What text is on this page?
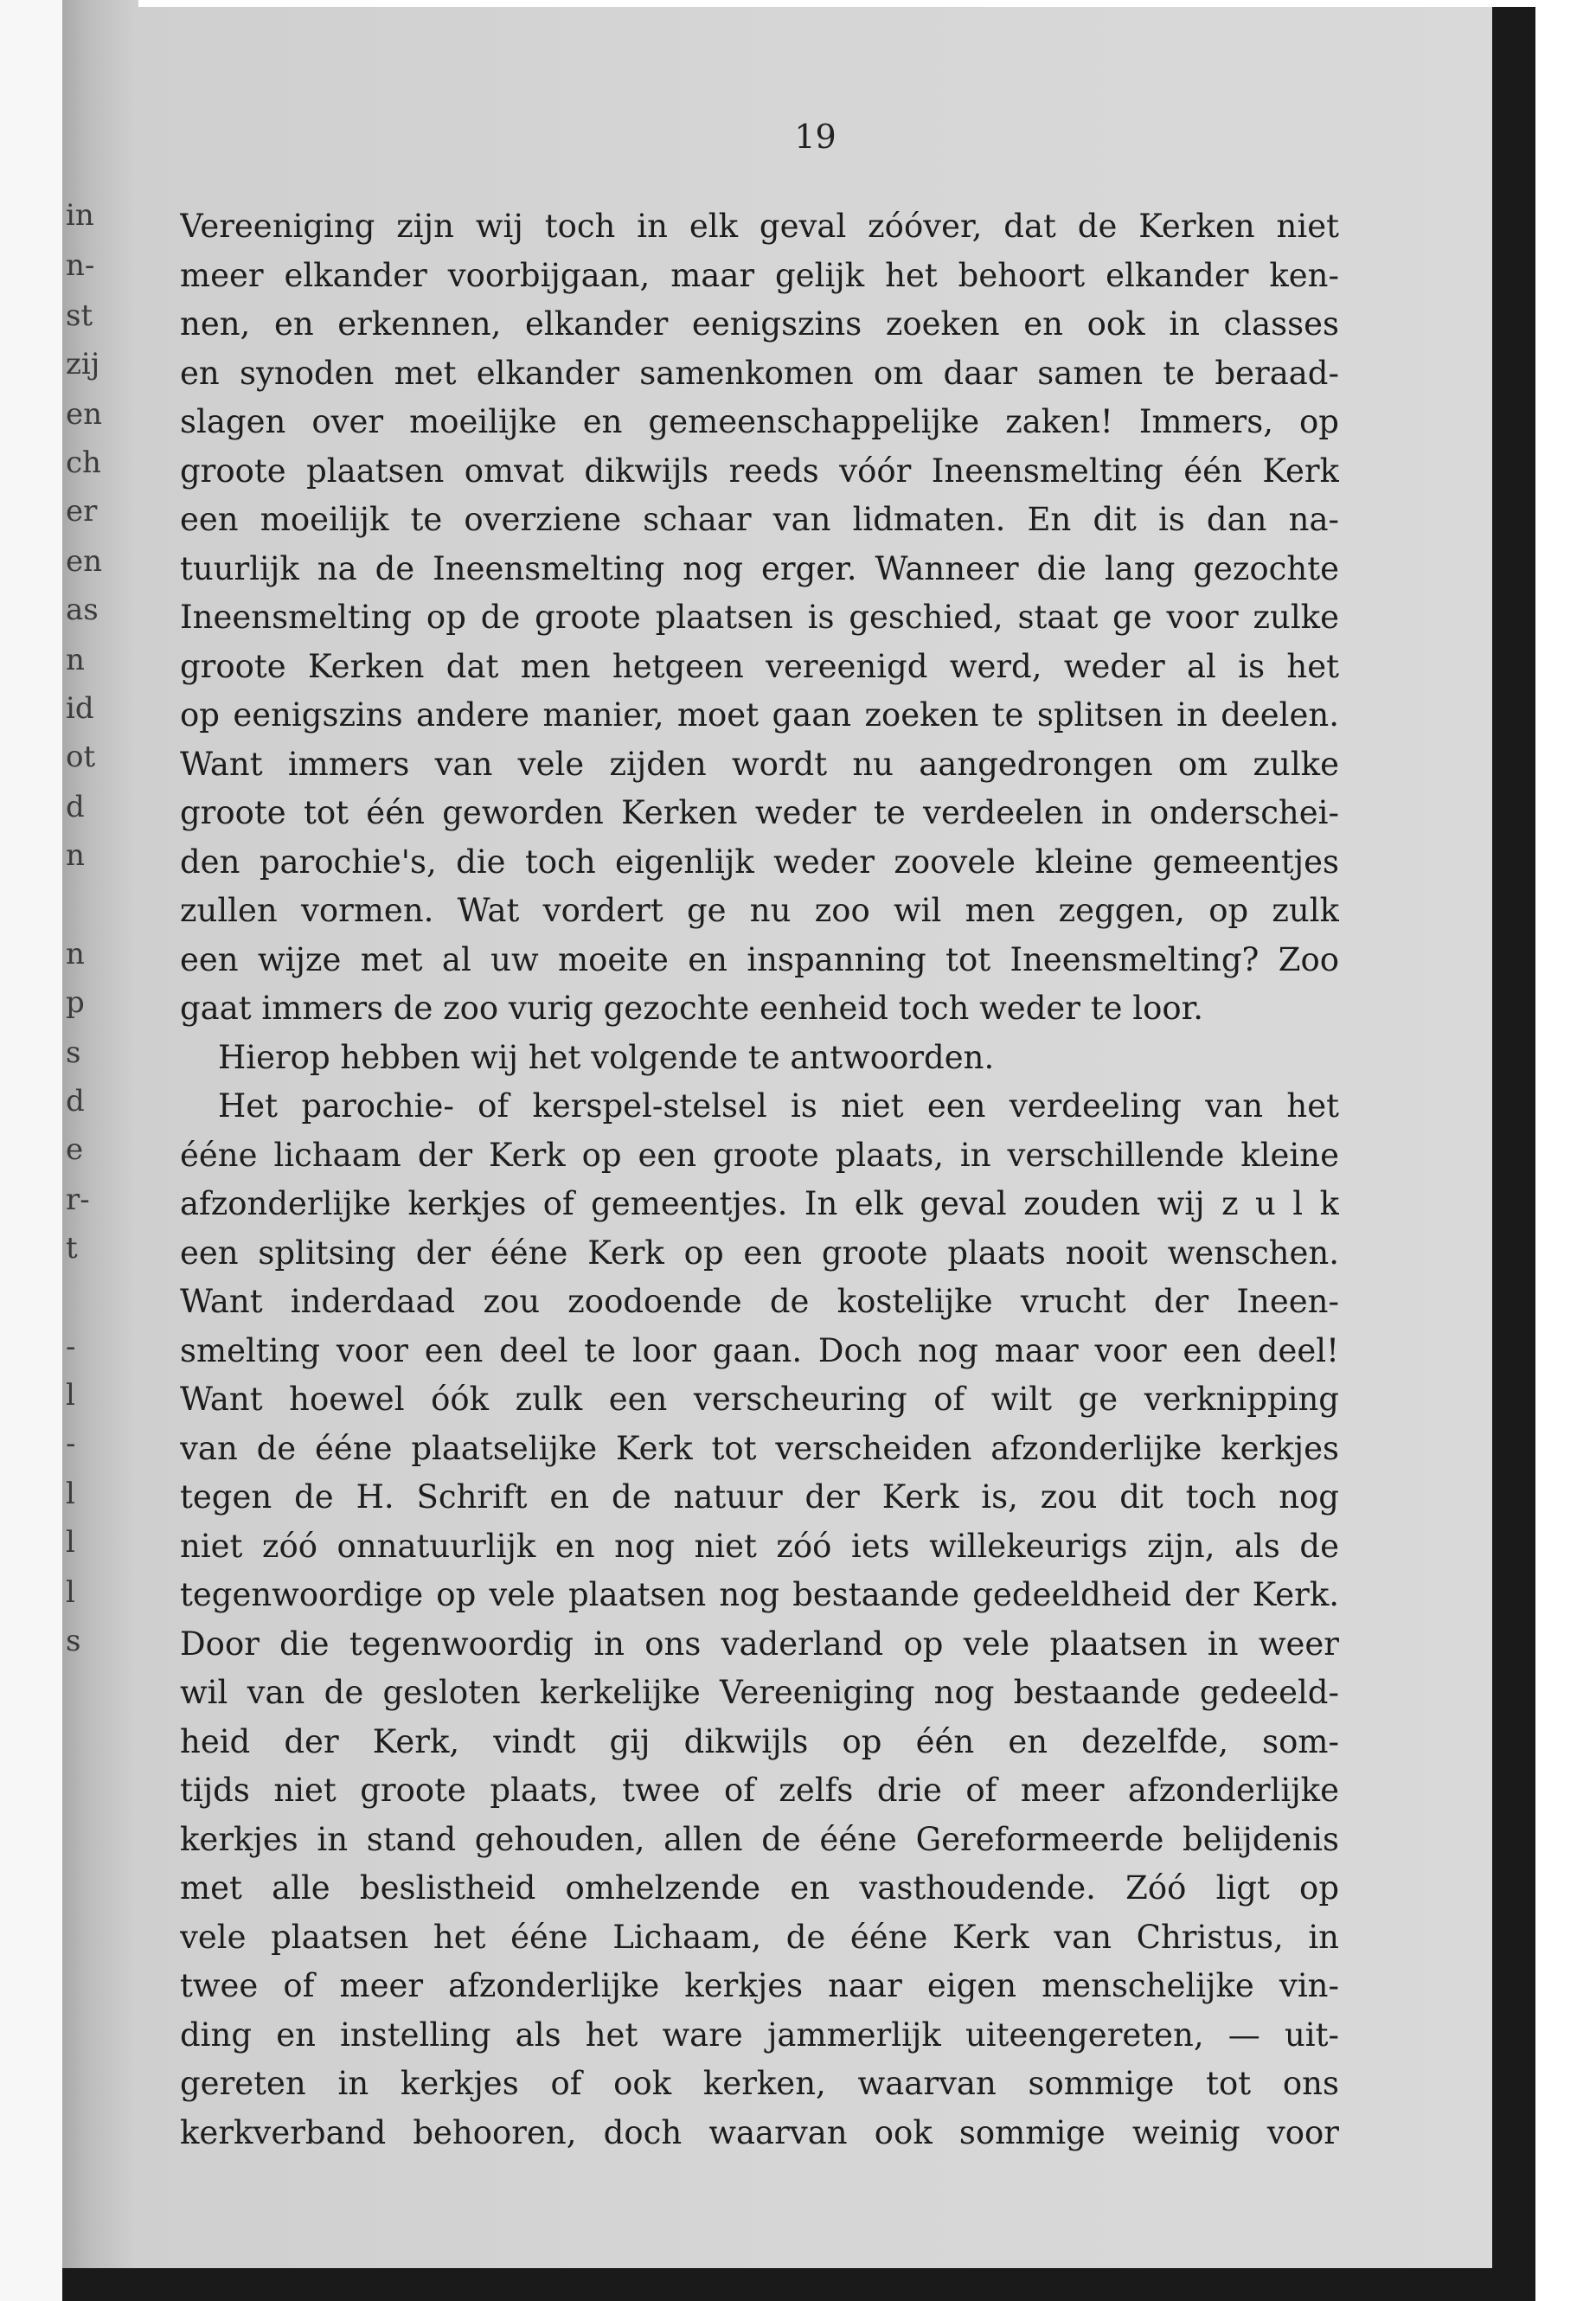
in

n-

st

zij

en

ch

er

en

as

n

id

ot

d

n

n

p

s

d

e

r-

t

-

l

-

l

l

l

s

19

Vereeniging zijn wij toch in elk geval zóóver, dat de Kerken niet
meer elkander voorbijgaan, maar gelijk het behoort elkander ken-
nen, en erkennen, elkander eenigszins zoeken en ook in classes
en synoden met elkander samenkomen om daar samen te beraad-
slagen over moeilijke en gemeenschappelijke zaken! Immers, op
groote plaatsen omvat dikwijls reeds vóór Ineensmelting één Kerk
een moeilijk te overziene schaar van lidmaten. En dit is dan na-
tuurlijk na de Ineensmelting nog erger. Wanneer die lang gezochte
Ineensmelting op de groote plaatsen is geschied, staat ge voor zulke
groote Kerken dat men hetgeen vereenigd werd, weder al is het
op eenigszins andere manier, moet gaan zoeken te splitsen in deelen.
Want immers van vele zijden wordt nu aangedrongen om zulke
groote tot één geworden Kerken weder te verdeelen in onderschei-
den parochie's, die toch eigenlijk weder zoovele kleine gemeentjes
zullen vormen. Wat vordert ge nu zoo wil men zeggen, op zulk
een wijze met al uw moeite en inspanning tot Ineensmelting? Zoo
gaat immers de zoo vurig gezochte eenheid toch weder te loor.
Hierop hebben wij het volgende te antwoorden.
Het parochie- of kerspel-stelsel is niet een verdeeling van het
ééne lichaam der Kerk op een groote plaats, in verschillende kleine
afzonderlijke kerkjes of gemeentjes. In elk geval zouden wij z u l k
een splitsing der ééne Kerk op een groote plaats nooit wenschen.
Want inderdaad zou zoodoende de kostelijke vrucht der Ineen-
smelting voor een deel te loor gaan. Doch nog maar voor een deel!
Want hoewel óók zulk een verscheuring of wilt ge verknipping
van de ééne plaatselijke Kerk tot verscheiden afzonderlijke kerkjes
tegen de H. Schrift en de natuur der Kerk is, zou dit toch nog
niet zóó onnatuurlijk en nog niet zóó iets willekeurigs zijn, als de
tegenwoordige op vele plaatsen nog bestaande gedeeldheid der Kerk.
Door die tegenwoordig in ons vaderland op vele plaatsen in weer
wil van de gesloten kerkelijke Vereeniging nog bestaande gedeeld-
heid der Kerk, vindt gij dikwijls op één en dezelfde, som-
tijds niet groote plaats, twee of zelfs drie of meer afzonderlijke
kerkjes in stand gehouden, allen de ééne Gereformeerde belijdenis
met alle beslistheid omhelzende en vasthoudende. Zóó ligt op
vele plaatsen het ééne Lichaam, de ééne Kerk van Christus, in
twee of meer afzonderlijke kerkjes naar eigen menschelijke vin-
ding en instelling als het ware jammerlijk uiteengereten, — uit-
gereten in kerkjes of ook kerken, waarvan sommige tot ons
kerkverband behooren, doch waarvan ook sommige weinig voor
